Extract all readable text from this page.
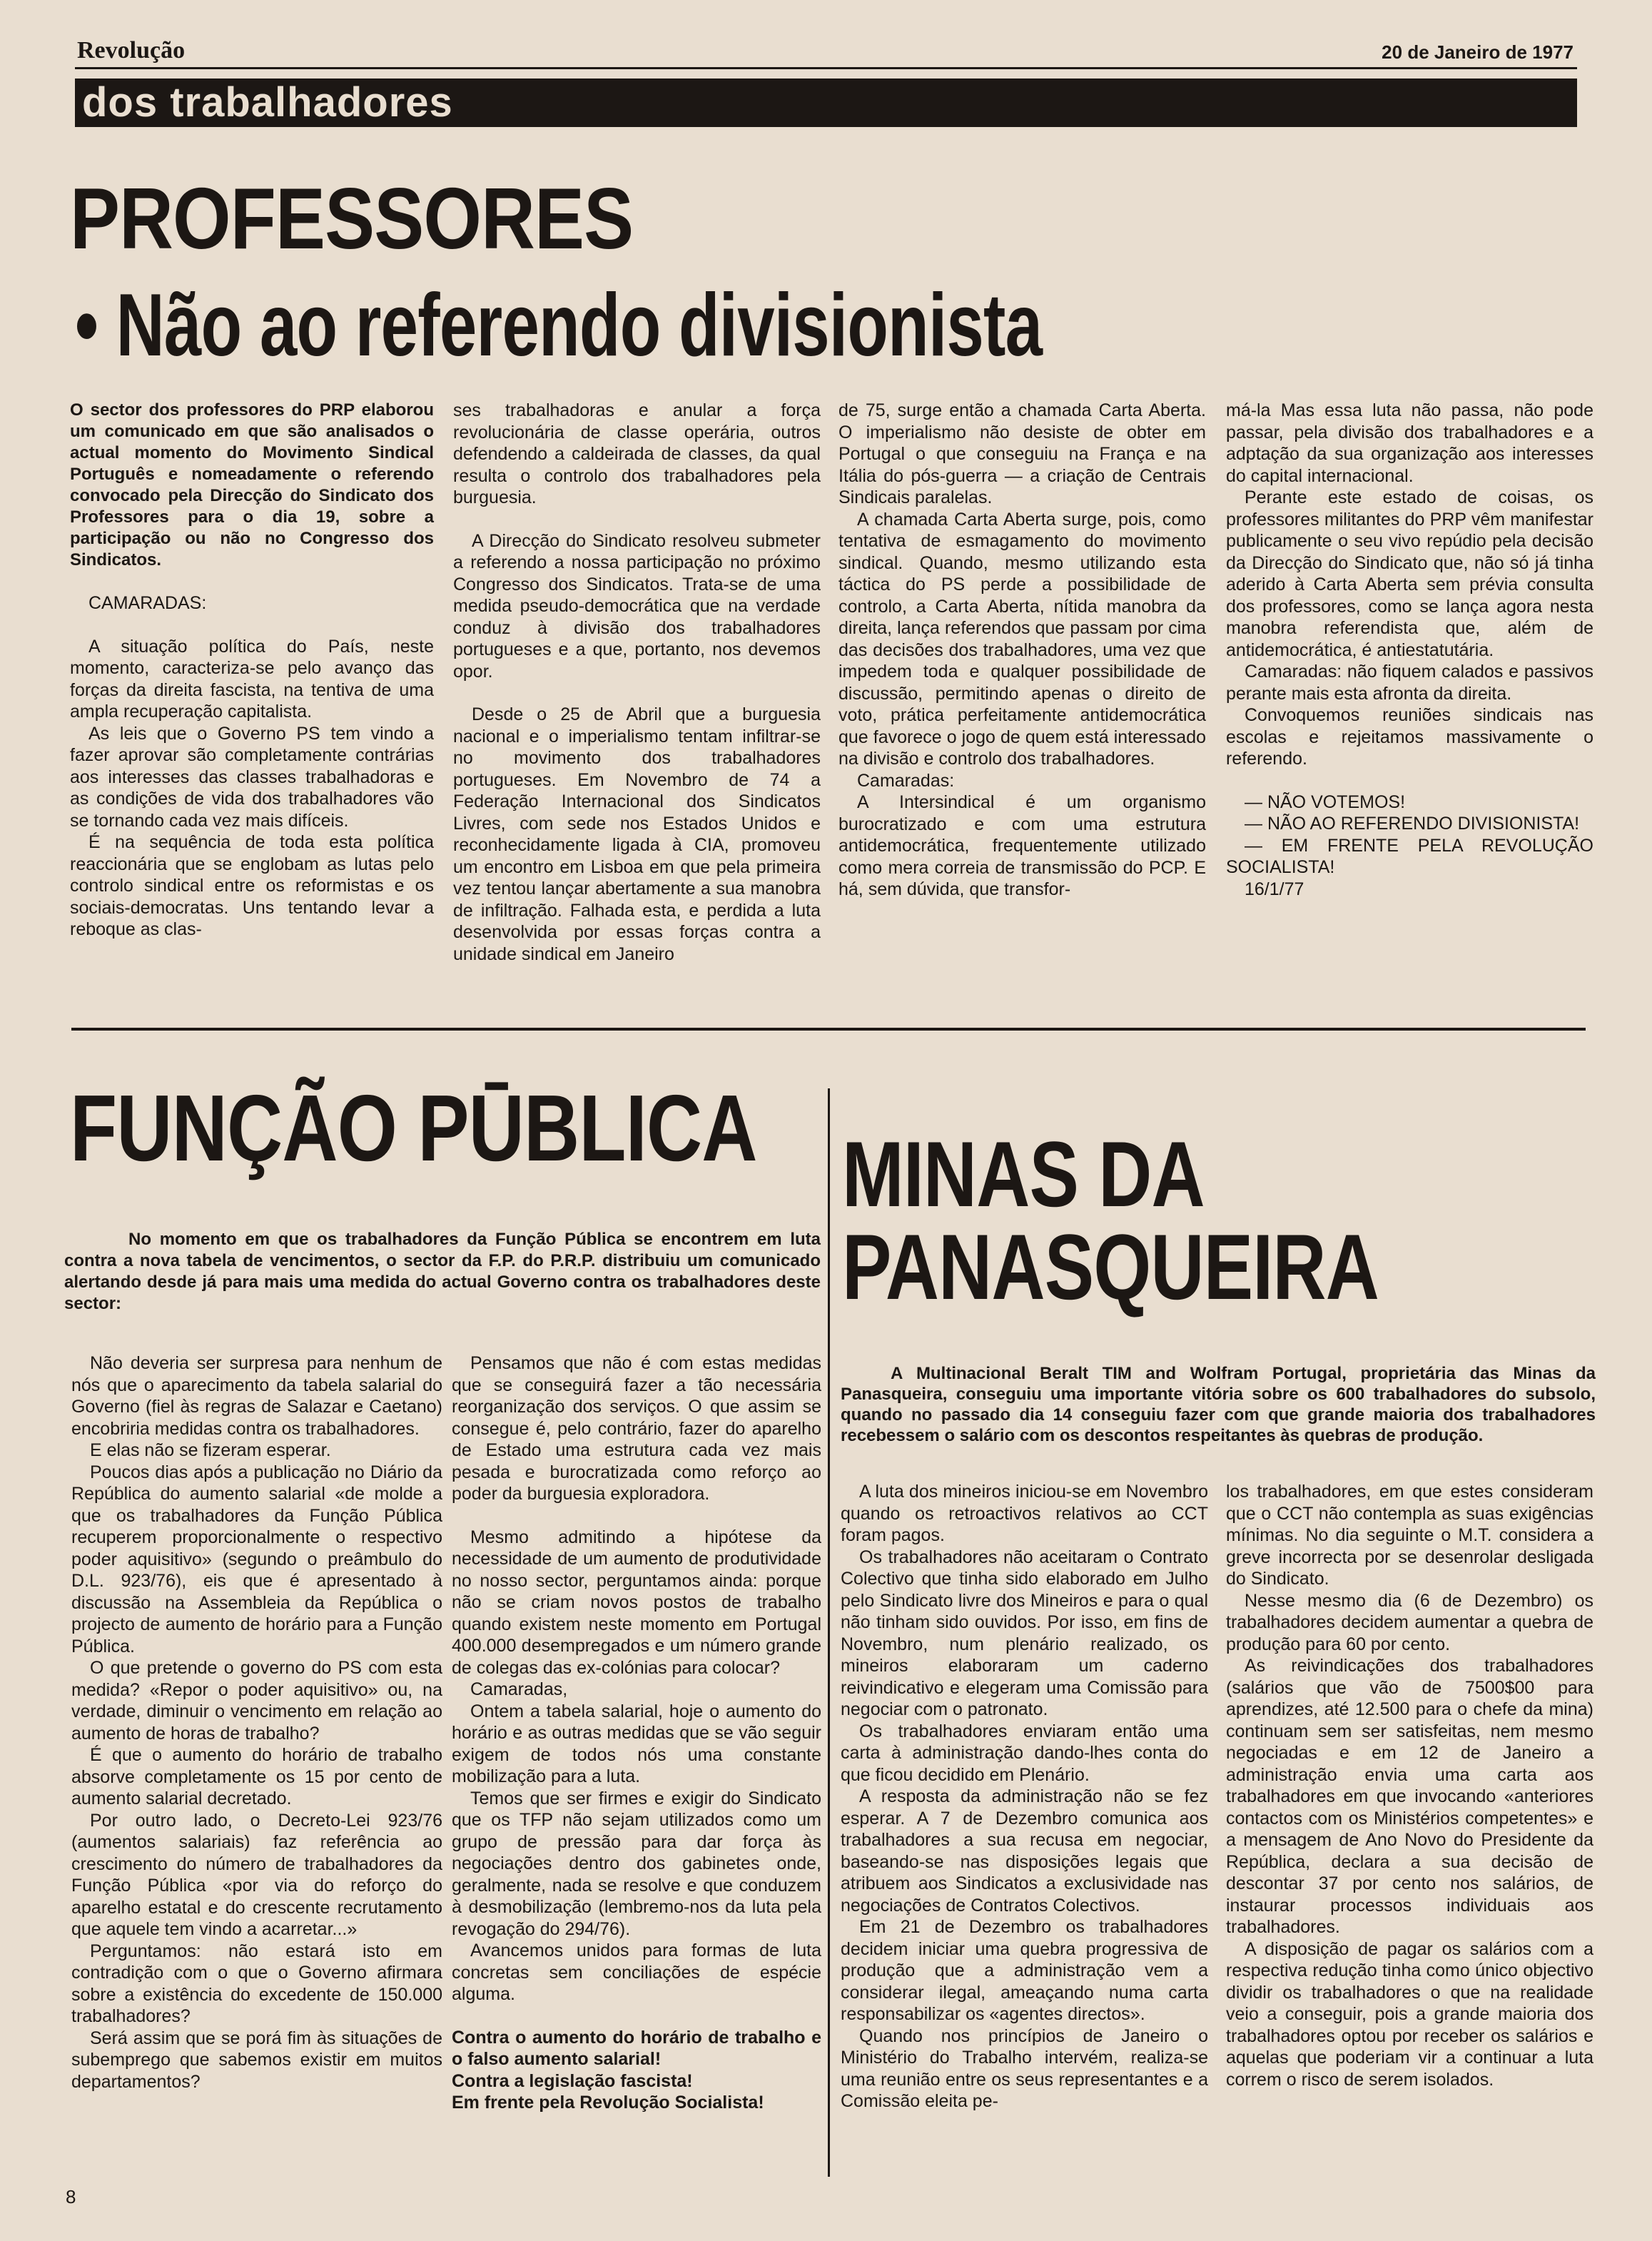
Revolução	20 de Janeiro de 1977
dos trabalhadores
PROFESSORES
• Não ao referendo divisionista

O sector dos professores do PRP elaborou um comunicado em que são analisados o actual momento do Movimento Sindical Português e nomeadamente o referendo convocado pela Direcção do Sindicato dos Professores para o dia 19, sobre a participação ou não no Congresso dos Sindicatos.

CAMARADAS:

A situação política do País, neste momento, caracteriza-se pelo avanço das forças da direita fascista, na tentiva de uma ampla recuperação capitalista.

As leis que o Governo PS tem vindo a fazer aprovar são completamente contrárias aos interesses das classes trabalhadoras e as condições de vida dos trabalhadores vão se tornando cada vez mais difíceis.

É na sequência de toda esta política reaccionária que se englobam as lutas pelo controlo sindical entre os reformistas e os sociais-democratas. Uns tentando levar a reboque as clas-

ses trabalhadoras e anular a força revolucionária de classe operária, outros defendendo a caldeirada de classes, da qual resulta o controlo dos trabalhadores pela burguesia.

A Direcção do Sindicato resolveu submeter a referendo a nossa participação no próximo Congresso dos Sindicatos. Trata-se de uma medida pseudo-democrática que na verdade conduz à divisão dos trabalhadores portugueses e a que, portanto, nos devemos opor.

Desde o 25 de Abril que a burguesia nacional e o imperialismo tentam infiltrar-se no movimento dos trabalhadores portugueses. Em Novembro de 74 a Federação Internacional dos Sindicatos Livres, com sede nos Estados Unidos e reconhecidamente ligada à CIA, promoveu um encontro em Lisboa em que pela primeira vez tentou lançar abertamente a sua manobra de infiltração. Falhada esta, e perdida a luta desenvolvida por essas forças contra a unidade sindical em Janeiro

de 75, surge então a chamada Carta Aberta. O imperialismo não desiste de obter em Portugal o que conseguiu na França e na Itália do pós-guerra — a criação de Centrais Sindicais paralelas.

A chamada Carta Aberta surge, pois, como tentativa de esmagamento do movimento sindical. Quando, mesmo utilizando esta táctica do PS perde a possibilidade de controlo, a Carta Aberta, nítida manobra da direita, lança referendos que passam por cima das decisões dos trabalhadores, uma vez que impedem toda e qualquer possibilidade de discussão, permitindo apenas o direito de voto, prática perfeitamente antidemocrática que favorece o jogo de quem está interessado na divisão e controlo dos trabalhadores.

Camaradas:

A Intersindical é um organismo burocratizado e com uma estrutura antidemocrática, frequentemente utilizado como mera correia de transmissão do PCP. E há, sem dúvida, que transfor-

má-la Mas essa luta não passa, não pode passar, pela divisão dos trabalhadores e a adptação da sua organização aos interesses do capital internacional.

Perante este estado de coisas, os professores militantes do PRP vêm manifestar publicamente o seu vivo repúdio pela decisão da Direcção do Sindicato que, não só já tinha aderido à Carta Aberta sem prévia consulta dos professores, como se lança agora nesta manobra referendista que, além de antidemocrática, é antiestatutária.

Camaradas: não fiquem calados e passivos perante mais esta afronta da direita.

Convoquemos reuniões sindicais nas escolas e rejeitamos massivamente o referendo.

— NÃO VOTEMOS!

— NÃO AO REFERENDO DIVISIONISTA!

— EM FRENTE PELA REVOLUÇÃO SOCIALISTA!

16/1/77

FUNÇÃO PŪBLICA
No momento em que os trabalhadores da Função Pública se encontrem em luta contra a nova tabela de vencimentos, o sector da F.P. do P.R.P. distribuiu um comunicado alertando desde já para mais uma medida do actual Governo contra os trabalhadores deste sector:

Não deveria ser surpresa para nenhum de nós que o aparecimento da tabela salarial do Governo (fiel às regras de Salazar e Caetano) encobriria medidas contra os trabalhadores.

E elas não se fizeram esperar.

Poucos dias após a publicação no Diário da República do aumento salarial «de molde a que os trabalhadores da Função Pública recuperem proporcionalmente o respectivo poder aquisitivo» (segundo o preâmbulo do D.L. 923/76), eis que é apresentado à discussão na Assembleia da República o projecto de aumento de horário para a Função Pública.

O que pretende o governo do PS com esta medida? «Repor o poder aquisitivo» ou, na verdade, diminuir o vencimento em relação ao aumento de horas de trabalho?

É que o aumento do horário de trabalho absorve completamente os 15 por cento de aumento salarial decretado.

Por outro lado, o Decreto-Lei 923/76 (aumentos salariais) faz referência ao crescimento do número de trabalhadores da Função Pública «por via do reforço do aparelho estatal e do crescente recrutamento que aquele tem vindo a acarretar...»

Perguntamos: não estará isto em contradição com o que o Governo afirmara sobre a existência do excedente de 150.000 trabalhadores?

Será assim que se porá fim às situações de subemprego que sabemos existir em muitos departamentos?

Pensamos que não é com estas medidas que se conseguirá fazer a tão necessária reorganização dos serviços. O que assim se consegue é, pelo contrário, fazer do aparelho de Estado uma estrutura cada vez mais pesada e burocratizada como reforço ao poder da burguesia exploradora.

Mesmo admitindo a hipótese da necessidade de um aumento de produtividade no nosso sector, perguntamos ainda: porque não se criam novos postos de trabalho quando existem neste momento em Portugal 400.000 desempregados e um número grande de colegas das ex-colónias para colocar?

Camaradas,

Ontem a tabela salarial, hoje o aumento do horário e as outras medidas que se vão seguir exigem de todos nós uma constante mobilização para a luta.

Temos que ser firmes e exigir do Sindicato que os TFP não sejam utilizados como um grupo de pressão para dar força às negociações dentro dos gabinetes onde, geralmente, nada se resolve e que conduzem à desmobilização (lembremo-nos da luta pela revogação do 294/76).

Avancemos unidos para formas de luta concretas sem conciliações de espécie alguma.

Contra o aumento do horário de trabalho e o falso aumento salarial!

Contra a legislação fascista!

Em frente pela Revolução Socialista!

MINAS DA
PANASQUEIRA
A Multinacional Beralt TIM and Wolfram Portugal, proprietária das Minas da Panasqueira, conseguiu uma importante vitória sobre os 600 trabalhadores do subsolo, quando no passado dia 14 conseguiu fazer com que grande maioria dos trabalhadores recebessem o salário com os descontos respeitantes às quebras de produção.

A luta dos mineiros iniciou-se em Novembro quando os retroactivos relativos ao CCT foram pagos.

Os trabalhadores não aceitaram o Contrato Colectivo que tinha sido elaborado em Julho pelo Sindicato livre dos Mineiros e para o qual não tinham sido ouvidos. Por isso, em fins de Novembro, num plenário realizado, os mineiros elaboraram um caderno reivindicativo e elegeram uma Comissão para negociar com o patronato.

Os trabalhadores enviaram então uma carta à administração dando-lhes conta do que ficou decidido em Plenário.

A resposta da administração não se fez esperar. A 7 de Dezembro comunica aos trabalhadores a sua recusa em negociar, baseando-se nas disposições legais que atribuem aos Sindicatos a exclusividade nas negociações de Contratos Colectivos.

Em 21 de Dezembro os trabalhadores decidem iniciar uma quebra progressiva de produção que a administração vem a considerar ilegal, ameaçando numa carta responsabilizar os «agentes directos».

Quando nos princípios de Janeiro o Ministério do Trabalho intervém, realiza-se uma reunião entre os seus representantes e a Comissão eleita pe-

los trabalhadores, em que estes consideram que o CCT não contempla as suas exigências mínimas. No dia seguinte o M.T. considera a greve incorrecta por se desenrolar desligada do Sindicato.

Nesse mesmo dia (6 de Dezembro) os trabalhadores decidem aumentar a quebra de produção para 60 por cento.

As reivindicações dos trabalhadores (salários que vão de 7500$00 para aprendizes, até 12.500 para o chefe da mina) continuam sem ser satisfeitas, nem mesmo negociadas e em 12 de Janeiro a administração envia uma carta aos trabalhadores em que invocando «anteriores contactos com os Ministérios competentes» e a mensagem de Ano Novo do Presidente da República, declara a sua decisão de descontar 37 por cento nos salários, de instaurar processos individuais aos trabalhadores.

A disposição de pagar os salários com a respectiva redução tinha como único objectivo dividir os trabalhadores o que na realidade veio a conseguir, pois a grande maioria dos trabalhadores optou por receber os salários e aquelas que poderiam vir a continuar a luta correm o risco de serem isolados.

8
